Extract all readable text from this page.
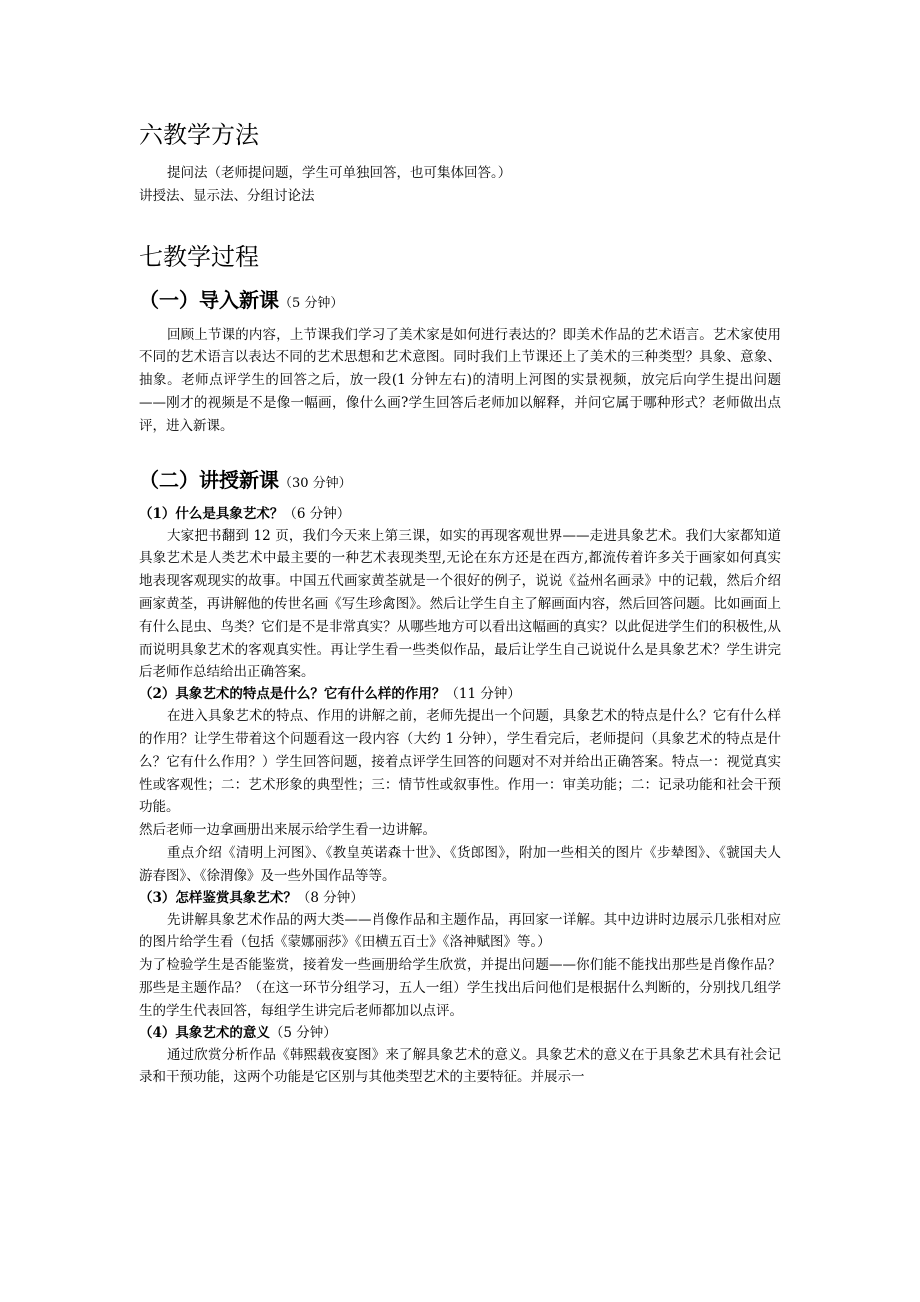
六教学方法

提问法（老师提问题，学生可单独回答，也可集体回答。）

讲授法、显示法、分组讨论法

七教学过程
（一）导入新课（5 分钟）

回顾上节课的内容，上节课我们学习了美术家是如何进行表达的？即美术作品的艺术语言。艺术家使用不同的艺术语言以表达不同的艺术思想和艺术意图。同时我们上节课还上了美术的三种类型？具象、意象、抽象。老师点评学生的回答之后，放一段(1 分钟左右)的清明上河图的实景视频，放完后向学生提出问题——刚才的视频是不是像一幅画，像什么画?学生回答后老师加以解释，并问它属于哪种形式？老师做出点评，进入新课。

（二）讲授新课（30 分钟）
（1）什么是具象艺术？（6 分钟）

大家把书翻到 12 页，我们今天来上第三课，如实的再现客观世界——走进具象艺术。我们大家都知道具象艺术是人类艺术中最主要的一种艺术表现类型,无论在东方还是在西方,都流传着许多关于画家如何真实地表现客观现实的故事。中国五代画家黄荃就是一个很好的例子，说说《益州名画录》中的记载，然后介绍画家黄荃，再讲解他的传世名画《写生珍禽图》。然后让学生自主了解画面内容，然后回答问题。比如画面上有什么昆虫、鸟类？它们是不是非常真实？从哪些地方可以看出这幅画的真实？以此促进学生们的积极性,从而说明具象艺术的客观真实性。再让学生看一些类似作品，最后让学生自己说说什么是具象艺术？学生讲完后老师作总结给出正确答案。

（2）具象艺术的特点是什么？它有什么样的作用？（11 分钟）

在进入具象艺术的特点、作用的讲解之前，老师先提出一个问题，具象艺术的特点是什么？它有什么样的作用？让学生带着这个问题看这一段内容（大约 1 分钟），学生看完后，老师提问（具象艺术的特点是什么？它有什么作用？）学生回答问题，接着点评学生回答的问题对不对并给出正确答案。特点一：视觉真实性或客观性；二：艺术形象的典型性；三：情节性或叙事性。作用一：审美功能；二：记录功能和社会干预功能。

然后老师一边拿画册出来展示给学生看一边讲解。

重点介绍《清明上河图》、《教皇英诺森十世》、《货郎图》，附加一些相关的图片《步辇图》、《虢国夫人游春图》、《徐渭像》及一些外国作品等等。

（3）怎样鉴赏具象艺术？（8 分钟）

先讲解具象艺术作品的两大类——肖像作品和主题作品，再回家一详解。其中边讲时边展示几张相对应的图片给学生看（包括《蒙娜丽莎》《田横五百士》《洛神赋图》等。）

为了检验学生是否能鉴赏，接着发一些画册给学生欣赏，并提出问题——你们能不能找出那些是肖像作品？那些是主题作品？（在这一环节分组学习，五人一组）学生找出后问他们是根据什么判断的，分别找几组学生的学生代表回答，每组学生讲完后老师都加以点评。

（4）具象艺术的意义（5 分钟）

通过欣赏分析作品《韩熙载夜宴图》来了解具象艺术的意义。具象艺术的意义在于具象艺术具有社会记录和干预功能，这两个功能是它区别与其他类型艺术的主要特征。并展示一
